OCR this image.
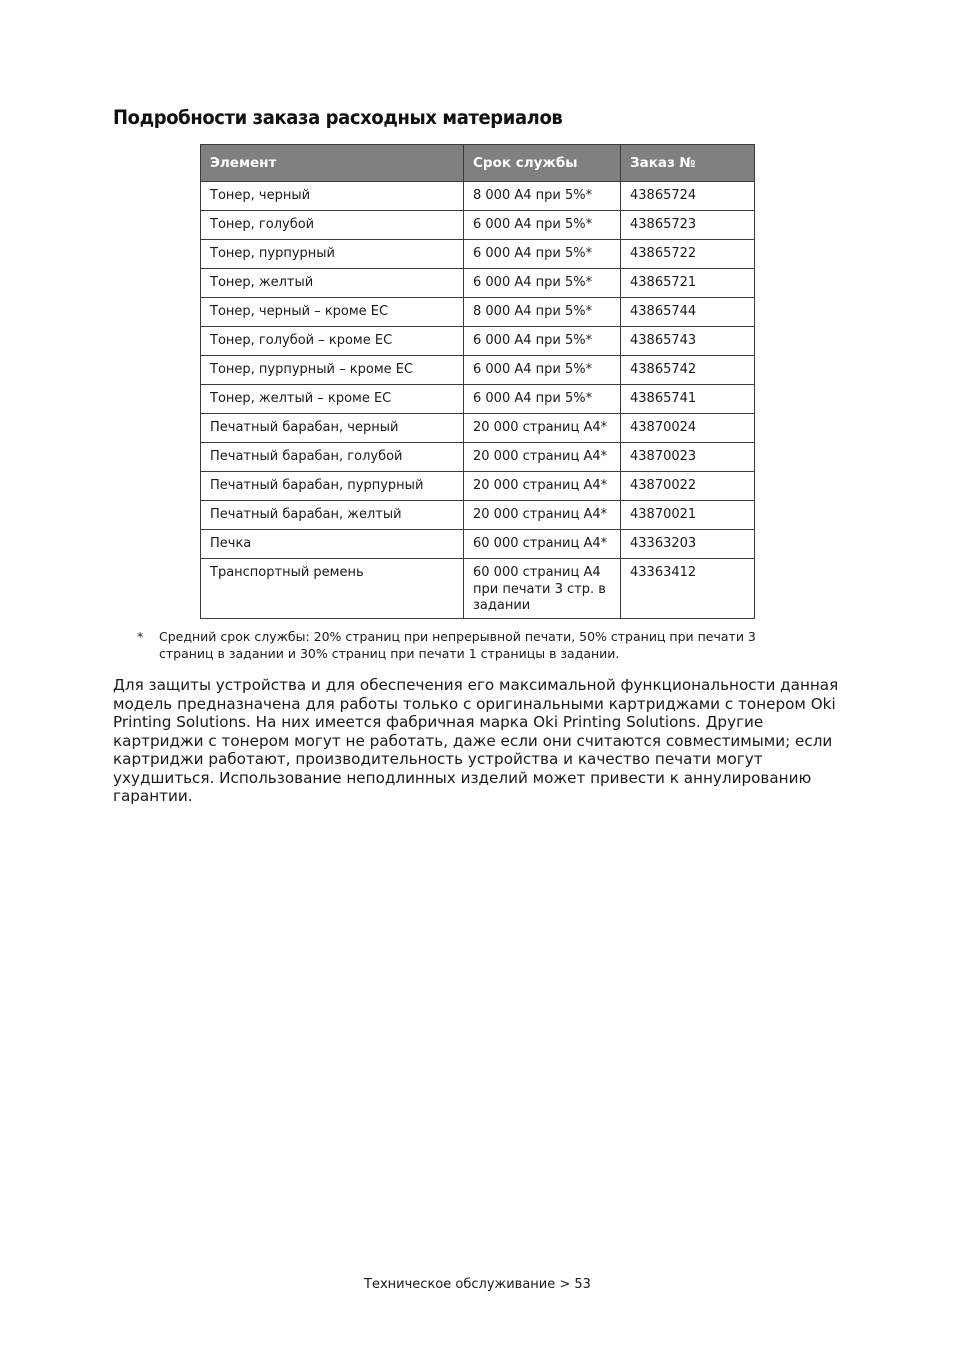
Подробности заказа расходных материалов
Элемент	Срок службы	Заказ №
Тонер, черный	8 000 A4 при 5%*	43865724
Тонер, голубой	6 000 A4 при 5%*	43865723
Тонер, пурпурный	6 000 A4 при 5%*	43865722
Тонер, желтый	6 000 A4 при 5%*	43865721
Тонер, черный – кроме ЕС	8 000 A4 при 5%*	43865744
Тонер, голубой – кроме ЕС	6 000 A4 при 5%*	43865743
Тонер, пурпурный – кроме ЕС	6 000 A4 при 5%*	43865742
Тонер, желтый – кроме ЕС	6 000 A4 при 5%*	43865741
Печатный барабан, черный	20 000 страниц A4*	43870024
Печатный барабан, голубой	20 000 страниц A4*	43870023
Печатный барабан, пурпурный	20 000 страниц A4*	43870022
Печатный барабан, желтый	20 000 страниц A4*	43870021
Печка	60 000 страниц A4*	43363203
Транспортный ремень	60 000 страниц A4 при печати 3 стр. в задании	43363412
* Средний срок службы: 20% страниц при непрерывной печати, 50% страниц при печати 3 страниц в задании и 30% страниц при печати 1 страницы в задании.

Для защиты устройства и для обеспечения его максимальной функциональности данная модель предназначена для работы только с оригинальными картриджами с тонером Oki Printing Solutions. На них имеется фабричная марка Oki Printing Solutions. Другие картриджи с тонером могут не работать, даже если они считаются совместимыми; если картриджи работают, производительность устройства и качество печати могут ухудшиться. Использование неподлинных изделий может привести к аннулированию гарантии.

Техническое обслуживание > 53
